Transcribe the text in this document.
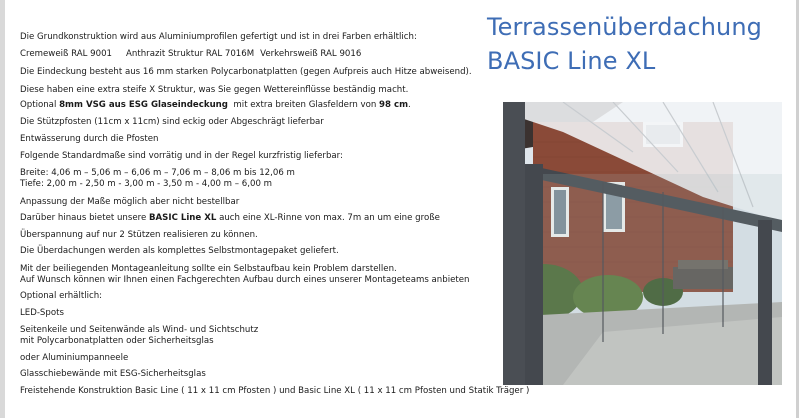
Terrassenüberdachung
BASIC Line XL
Die Grundkonstruktion wird aus Aluminiumprofilen gefertigt und ist in drei Farben erhältlich:
Cremeweiß RAL 9001 Anthrazit Struktur RAL 7016M Verkehrsweiß RAL 9016
Die Eindeckung besteht aus 16 mm starken Polycarbonatplatten (gegen Aufpreis auch Hitze abweisend).
Diese haben eine extra steife X Struktur, was Sie gegen Wettereinflüsse beständig macht.
Optional 8mm VSG aus ESG Glaseindeckung  mit extra breiten Glasfeldern von 98 cm.
Die Stützpfosten (11cm x 11cm) sind eckig oder Abgeschrägt lieferbar
Entwässerung durch die Pfosten
Folgende Standardmaße sind vorrätig und in der Regel kurzfristig lieferbar:
Breite: 4,06 m – 5,06 m – 6,06 m – 7,06 m – 8,06 m bis 12,06 m
Tiefe: 2,00 m - 2,50 m - 3,00 m - 3,50 m - 4,00 m – 6,00 m
Anpassung der Maße möglich aber nicht bestellbar
Darüber hinaus bietet unsere BASIC Line XL auch eine XL-Rinne von max. 7m an um eine große
Überspannung auf nur 2 Stützen realisieren zu können.
Die Überdachungen werden als komplettes Selbstmontagepaket geliefert.
Mit der beiliegenden Montageanleitung sollte ein Selbstaufbau kein Problem darstellen.
Auf Wunsch können wir Ihnen einen Fachgerechten Aufbau durch eines unserer Montageteams anbieten
Optional erhältlich:
LED-Spots
Seitenkeile und Seitenwände als Wind- und Sichtschutz
mit Polycarbonatplatten oder Sicherheitsglas
oder Aluminiumpanneele
Glasschiebewände mit ESG-Sicherheitsglas
Freistehende Konstruktion Basic Line ( 11 x 11 cm Pfosten ) und Basic Line XL ( 11 x 11 cm Pfosten und Statik Träger )
